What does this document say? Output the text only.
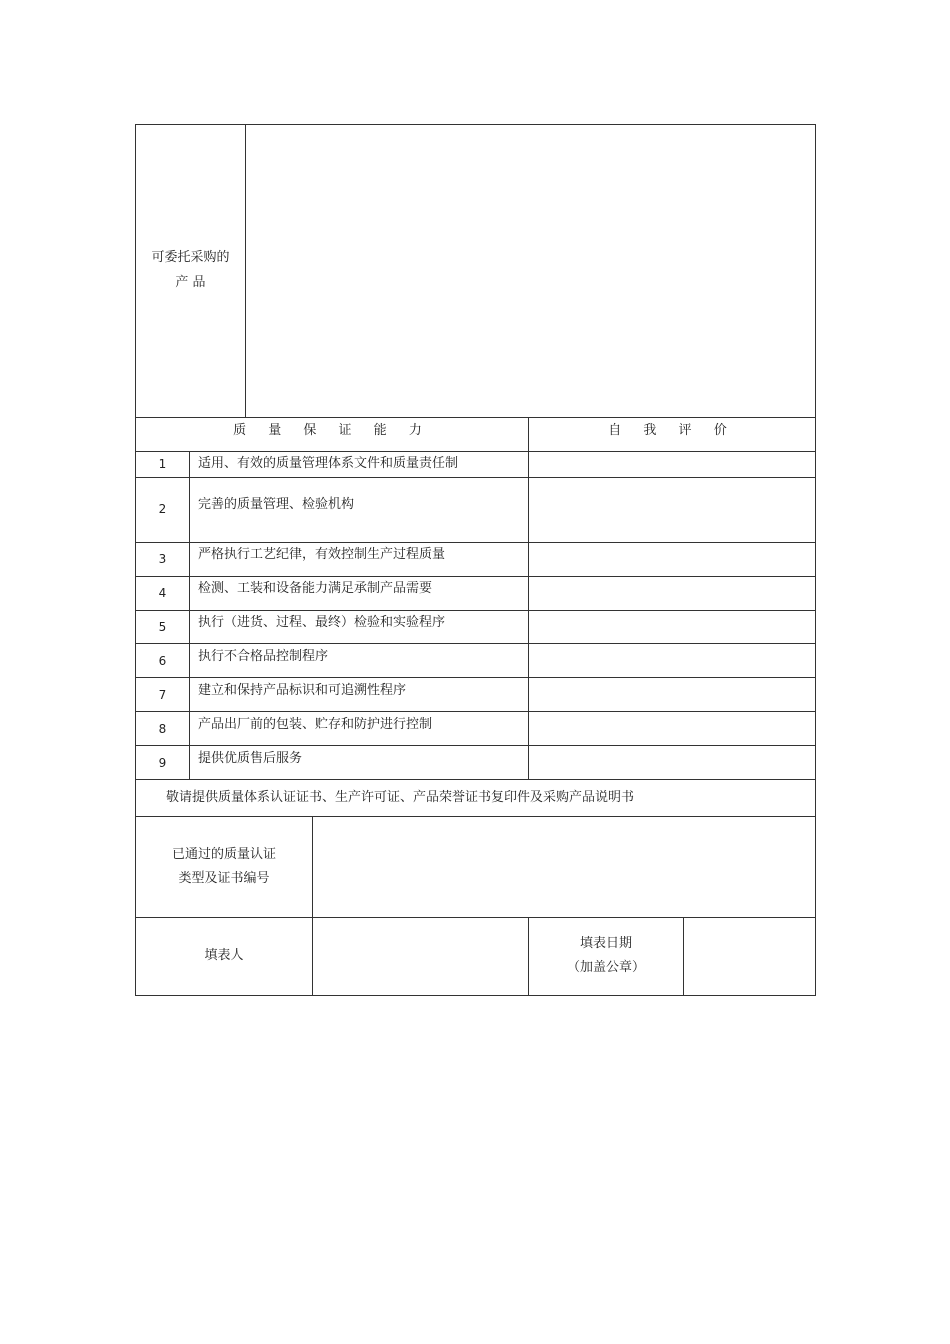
可委托采购的
产 品
质 量 保 证 能 力	自 我 评 价
1	适用、有效的质量管理体系文件和质量责任制
2	完善的质量管理、检验机构
3	严格执行工艺纪律，有效控制生产过程质量
4	检测、工装和设备能力满足承制产品需要
5	执行（进货、过程、最终）检验和实验程序
6	执行不合格品控制程序
7	建立和保持产品标识和可追溯性程序
8	产品出厂前的包装、贮存和防护进行控制
9	提供优质售后服务
敬请提供质量体系认证证书、生产许可证、产品荣誉证书复印件及采购产品说明书
已通过的质量认证
类型及证书编号
填表人
填表日期
（加盖公章）
